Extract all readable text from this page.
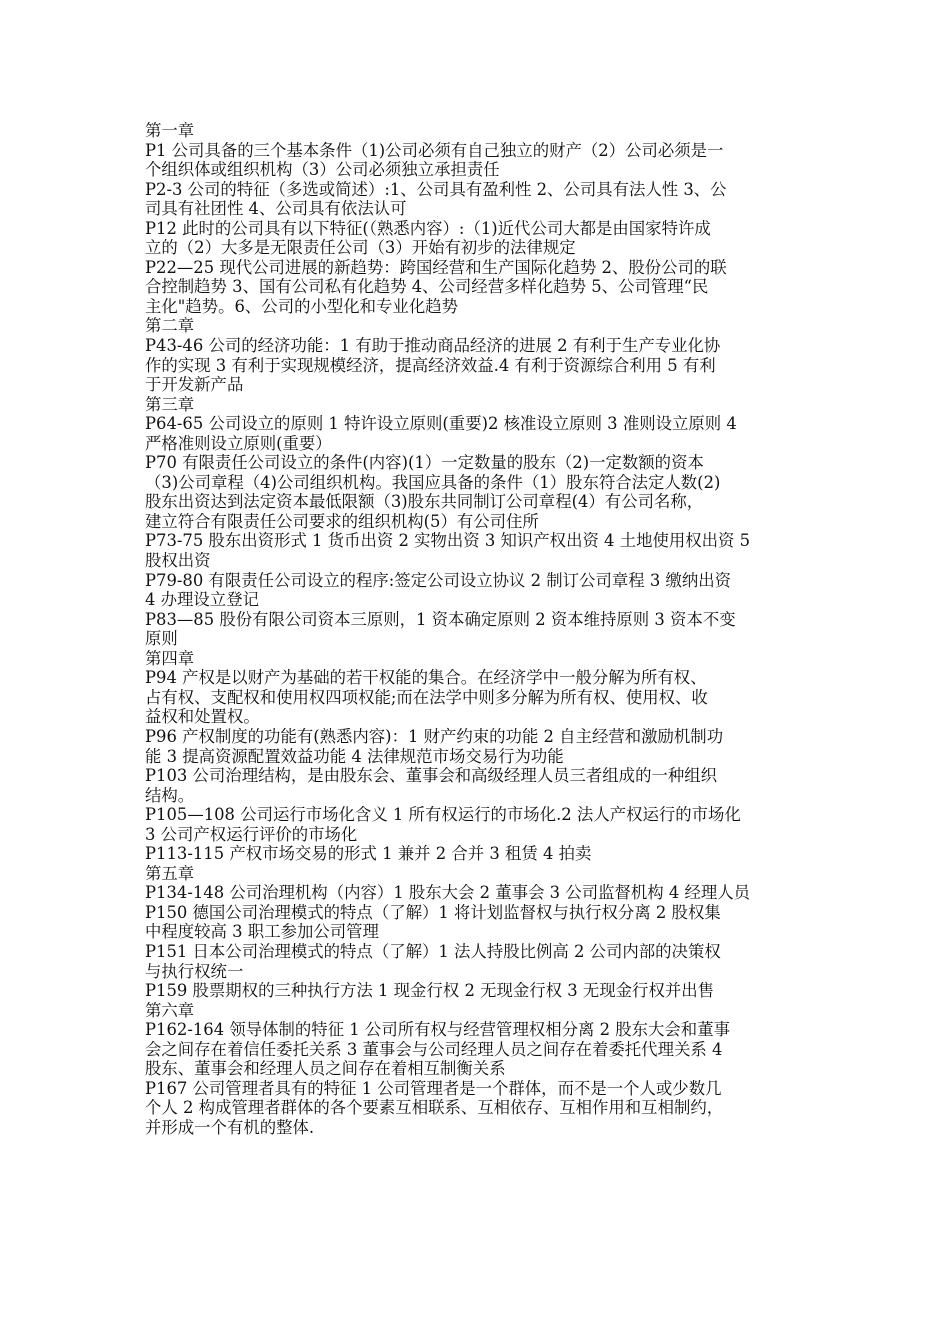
第一章
P1 公司具备的三个基本条件（1)公司必须有自己独立的财产（2）公司必须是一
个组织体或组织机构（3）公司必须独立承担责任
P2-3 公司的特征（多选或简述）:1、公司具有盈利性 2、公司具有法人性 3、公
司具有社团性 4、公司具有依法认可
P12 此时的公司具有以下特征(（熟悉内容）:（1)近代公司大都是由国家特许成
立的（2）大多是无限责任公司（3）开始有初步的法律规定
P22—25 现代公司进展的新趋势：跨国经营和生产国际化趋势 2、股份公司的联
合控制趋势 3、国有公司私有化趋势 4、公司经营多样化趋势 5、公司管理“民
主化"趋势。6、公司的小型化和专业化趋势
第二章
P43-46 公司的经济功能：1 有助于推动商品经济的进展 2 有利于生产专业化协
作的实现 3 有利于实现规模经济，提高经济效益.4 有利于资源综合利用 5 有利
于开发新产品
第三章
P64-65 公司设立的原则 1 特许设立原则(重要)2 核准设立原则 3 准则设立原则 4
严格准则设立原则(重要）
P70 有限责任公司设立的条件(内容)(1）一定数量的股东（2)一定数额的资本
（3)公司章程（4)公司组织机构。我国应具备的条件（1）股东符合法定人数(2)
股东出资达到法定资本最低限额（3)股东共同制订公司章程(4）有公司名称，
建立符合有限责任公司要求的组织机构(5）有公司住所
P73-75 股东出资形式 1 货币出资 2 实物出资 3 知识产权出资 4 土地使用权出资 5
股权出资
P79-80 有限责任公司设立的程序:签定公司设立协议 2 制订公司章程 3 缴纳出资
4 办理设立登记
P83—85 股份有限公司资本三原则，1 资本确定原则 2 资本维持原则 3 资本不变
原则
第四章
P94 产权是以财产为基础的若干权能的集合。在经济学中一般分解为所有权、
占有权、支配权和使用权四项权能;而在法学中则多分解为所有权、使用权、收
益权和处置权。
P96 产权制度的功能有(熟悉内容)：1 财产约束的功能 2 自主经营和激励机制功
能 3 提高资源配置效益功能 4 法律规范市场交易行为功能
P103 公司治理结构，是由股东会、董事会和高级经理人员三者组成的一种组织
结构。
P105—108 公司运行市场化含义 1 所有权运行的市场化.2 法人产权运行的市场化
3 公司产权运行评价的市场化
P113-115 产权市场交易的形式 1 兼并 2 合并 3 租赁 4 拍卖
第五章
P134-148 公司治理机构（内容）1 股东大会 2 董事会 3 公司监督机构 4 经理人员
P150 德国公司治理模式的特点（了解）1 将计划监督权与执行权分离 2 股权集
中程度较高 3 职工参加公司管理
P151 日本公司治理模式的特点（了解）1 法人持股比例高 2 公司内部的决策权
与执行权统一
P159 股票期权的三种执行方法 1 现金行权 2 无现金行权 3 无现金行权并出售
第六章
P162-164 领导体制的特征 1 公司所有权与经营管理权相分离 2 股东大会和董事
会之间存在着信任委托关系 3 董事会与公司经理人员之间存在着委托代理关系 4
股东、董事会和经理人员之间存在着相互制衡关系
P167 公司管理者具有的特征 1 公司管理者是一个群体，而不是一个人或少数几
个人 2 构成管理者群体的各个要素互相联系、互相依存、互相作用和互相制约，
并形成一个有机的整体.
